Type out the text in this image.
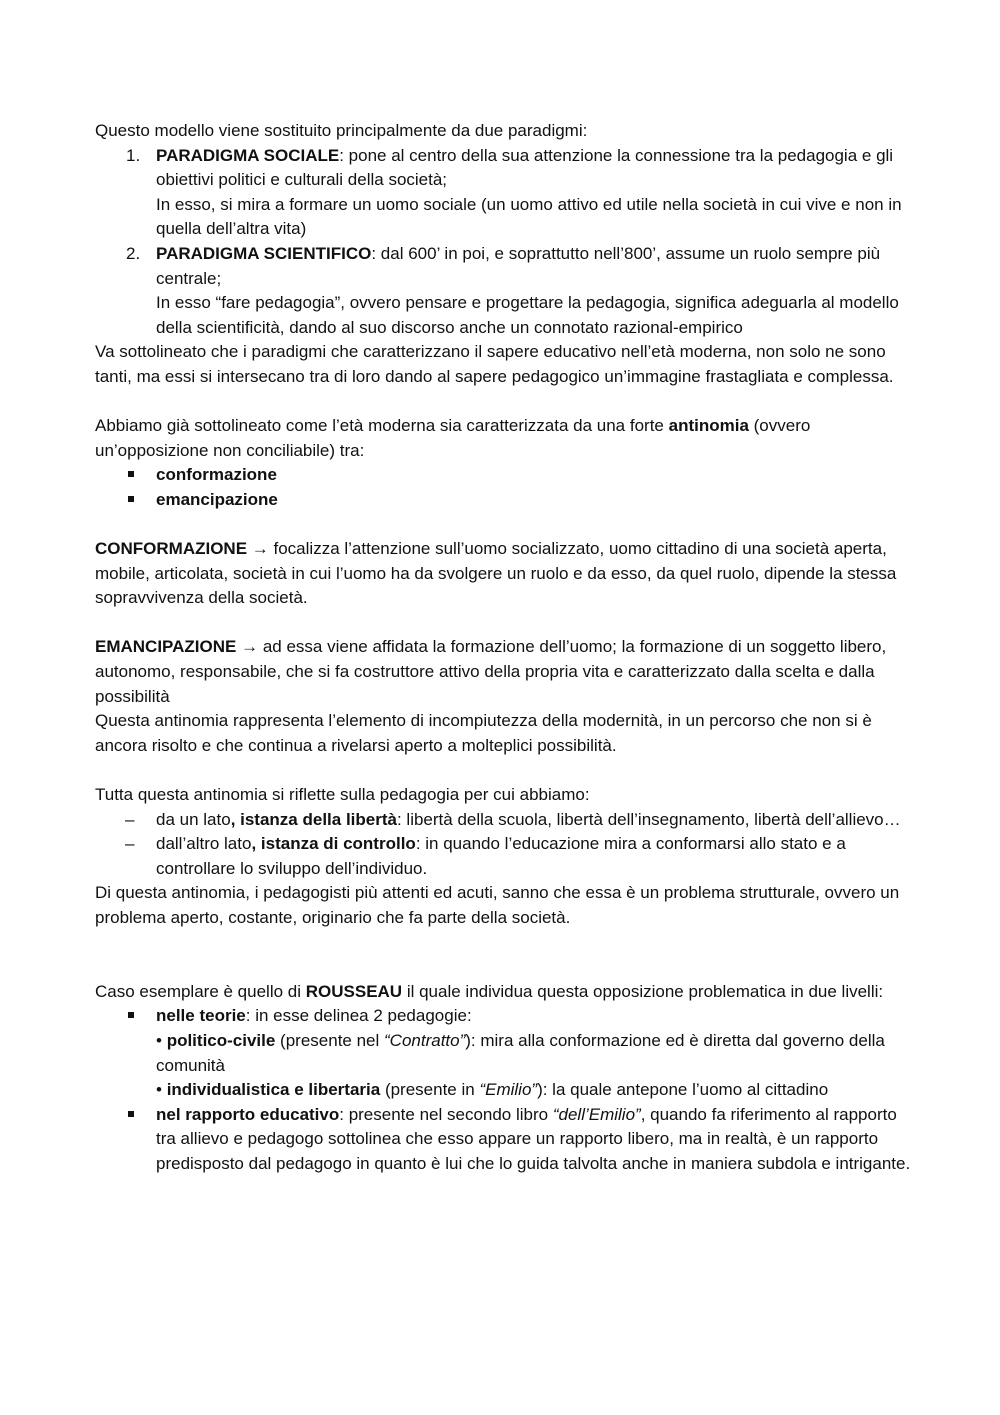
Questo modello viene sostituito principalmente da due paradigmi:

1. PARADIGMA SOCIALE: pone al centro della sua attenzione la connessione tra la pedagogia e gli obiettivi politici e culturali della società;

In esso, si mira a formare un uomo sociale (un uomo attivo ed utile nella società in cui vive e non in quella dell’altra vita)

2. PARADIGMA SCIENTIFICO: dal 600’ in poi, e soprattutto nell’800’, assume un ruolo sempre più centrale;

In esso “fare pedagogia”, ovvero pensare e progettare la pedagogia, significa adeguarla al modello della scientificità, dando al suo discorso anche un connotato razional-empirico

Va sottolineato che i paradigmi che caratterizzano il sapere educativo nell’età moderna, non solo ne sono tanti, ma essi si intersecano tra di loro dando al sapere pedagogico un’immagine frastagliata e complessa.

Abbiamo già sottolineato come l’età moderna sia caratterizzata da una forte antinomia (ovvero un’opposizione non conciliabile) tra:

conformazione

emancipazione

CONFORMAZIONE → focalizza l’attenzione sull’uomo socializzato, uomo cittadino di una società aperta, mobile, articolata, società in cui l’uomo ha da svolgere un ruolo e da esso, da quel ruolo, dipende la stessa sopravvivenza della società.

EMANCIPAZIONE → ad essa viene affidata la formazione dell’uomo; la formazione di un soggetto libero, autonomo, responsabile, che si fa costruttore attivo della propria vita e caratterizzato dalla scelta e dalla possibilità

Questa antinomia rappresenta l’elemento di incompiutezza della modernità, in un percorso che non si è ancora risolto e che continua a rivelarsi aperto a molteplici possibilità.

Tutta questa antinomia si riflette sulla pedagogia per cui abbiamo:

– da un lato, istanza della libertà: libertà della scuola, libertà dell’insegnamento, libertà dell’allievo…

– dall’altro lato, istanza di controllo: in quando l’educazione mira a conformarsi allo stato e a controllare lo sviluppo dell’individuo.

Di questa antinomia, i pedagogisti più attenti ed acuti, sanno che essa è un problema strutturale, ovvero un problema aperto, costante, originario che fa parte della società.

Caso esemplare è quello di ROUSSEAU il quale individua questa opposizione problematica in due livelli:

nelle teorie: in esse delinea 2 pedagogie:

• politico-civile (presente nel “Contratto”): mira alla conformazione ed è diretta dal governo della comunità

• individualistica e libertaria (presente in “Emilio”): la quale antepone l’uomo al cittadino

nel rapporto educativo: presente nel secondo libro “dell’Emilio”, quando fa riferimento al rapporto tra allievo e pedagogo sottolinea che esso appare un rapporto libero, ma in realtà, è un rapporto predisposto dal pedagogo in quanto è lui che lo guida talvolta anche in maniera subdola e intrigante.
